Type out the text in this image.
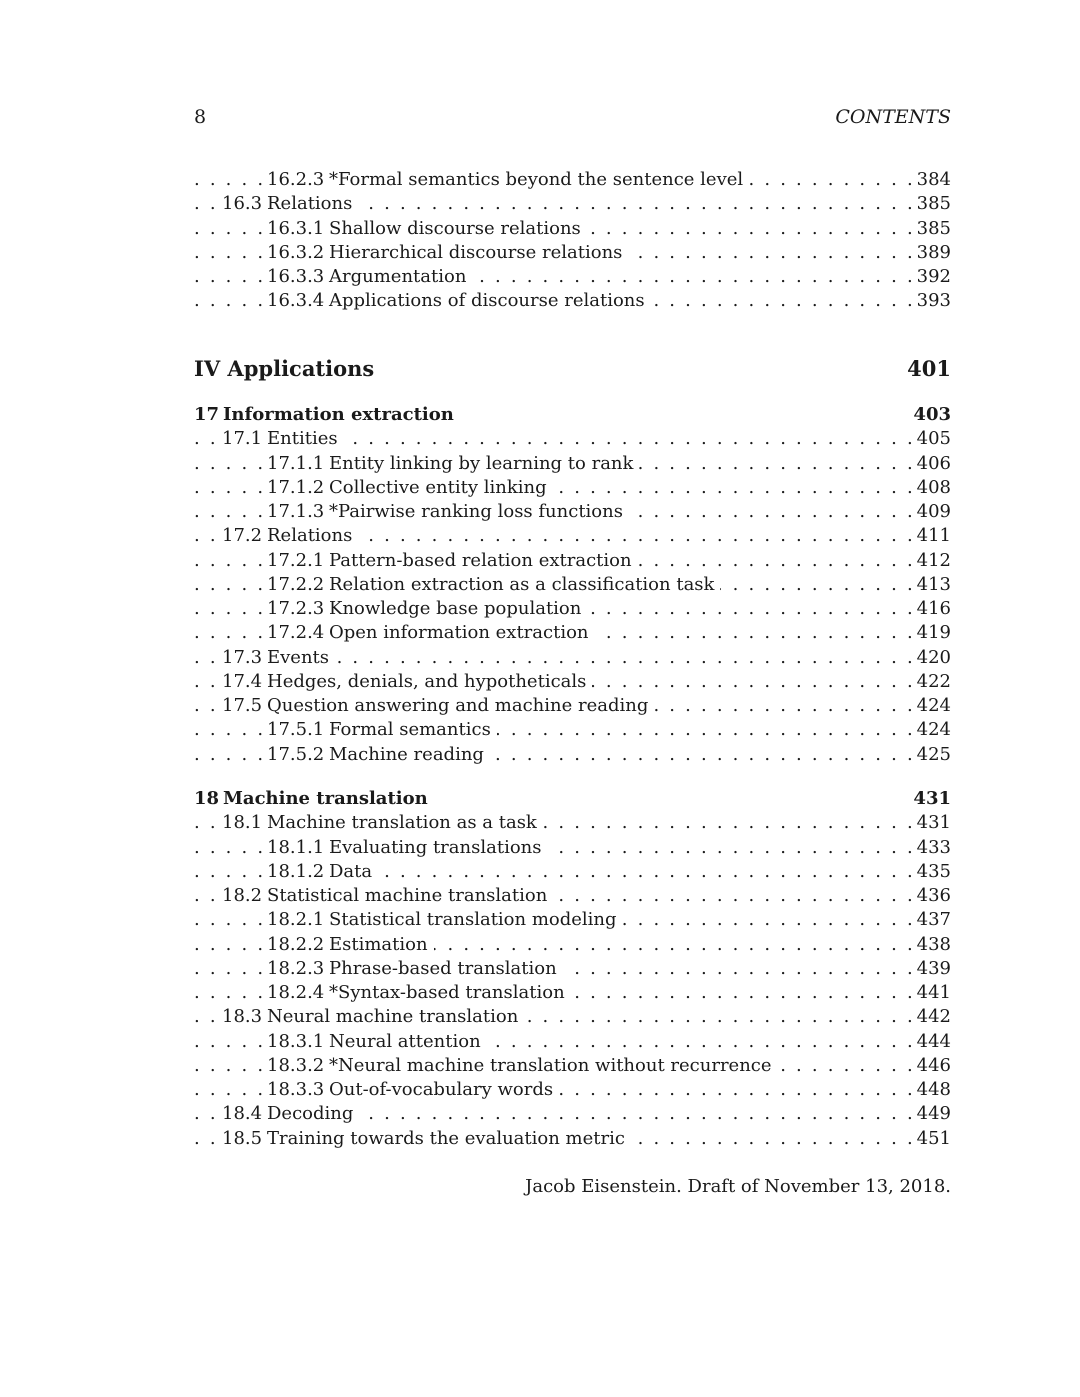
8	CONTENTS
. . .
16.2.3 *Formal semantics beyond the sentence level	384
. . .
16.3 Relations	385
. . .
16.3.1 Shallow discourse relations	385
. . .
16.3.2 Hierarchical discourse relations	389
. . .
16.3.3 Argumentation	392
. . .
16.3.4 Applications of discourse relations	393
IV Applications	401
17 Information extraction	403
. . .
17.1 Entities	405
. . .
17.1.1 Entity linking by learning to rank	406
. . .
17.1.2 Collective entity linking	408
. . .
17.1.3 *Pairwise ranking loss functions	409
. . .
17.2 Relations	411
. . .
17.2.1 Pattern-based relation extraction	412
. . .
17.2.2 Relation extraction as a classification task	413
. . .
17.2.3 Knowledge base population	416
. . .
17.2.4 Open information extraction	419
. . .
17.3 Events	420
. . .
17.4 Hedges, denials, and hypotheticals	422
. . .
17.5 Question answering and machine reading	424
. . .
17.5.1 Formal semantics	424
. . .
17.5.2 Machine reading	425
18 Machine translation	431
. . .
18.1 Machine translation as a task	431
. . .
18.1.1 Evaluating translations	433
. . .
18.1.2 Data	435
. . .
18.2 Statistical machine translation	436
. . .
18.2.1 Statistical translation modeling	437
. . .
18.2.2 Estimation	438
. . .
18.2.3 Phrase-based translation	439
. . .
18.2.4 *Syntax-based translation	441
. . .
18.3 Neural machine translation	442
. . .
18.3.1 Neural attention	444
. . .
18.3.2 *Neural machine translation without recurrence	446
. . .
18.3.3 Out-of-vocabulary words	448
. . .
18.4 Decoding	449
. . .
18.5 Training towards the evaluation metric	451
Jacob Eisenstein. Draft of November 13, 2018.
